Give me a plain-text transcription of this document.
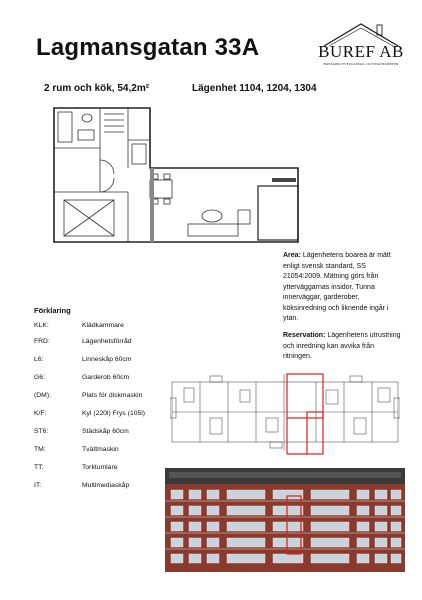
Lagmansgatan 33A	BUREF AB
BOSTADSUTVECKLINGS- OCH FASTIGHETER
2 rum och kök, 54,2m²	Lägenhet 1104, 1204, 1304
Area: Lägenhetens boarea är mätt enligt svensk standard, SS 21054:2009. Mätning görs från ytterväggarnas insidor. Tunna innerväggar, garderober, köksinredning och liknende ingår i ytan.
Reservation: Lägenhetens utrustning och inredning kan avvika från ritningen.
Förklaring
KLK:	Klädkammare
FRD:	Lägenhetsförråd
L6:	Linneskåp 60cm
G6:	Garderob 60cm
(DM):	Plats för diskmaskin
K/F:	Kyl (220l) Frys (105l)
ST6:	Städskåp 60cm
TM:	Tvättmaskin
TT:	Torktumlare
IT:	Multimediaskåp
